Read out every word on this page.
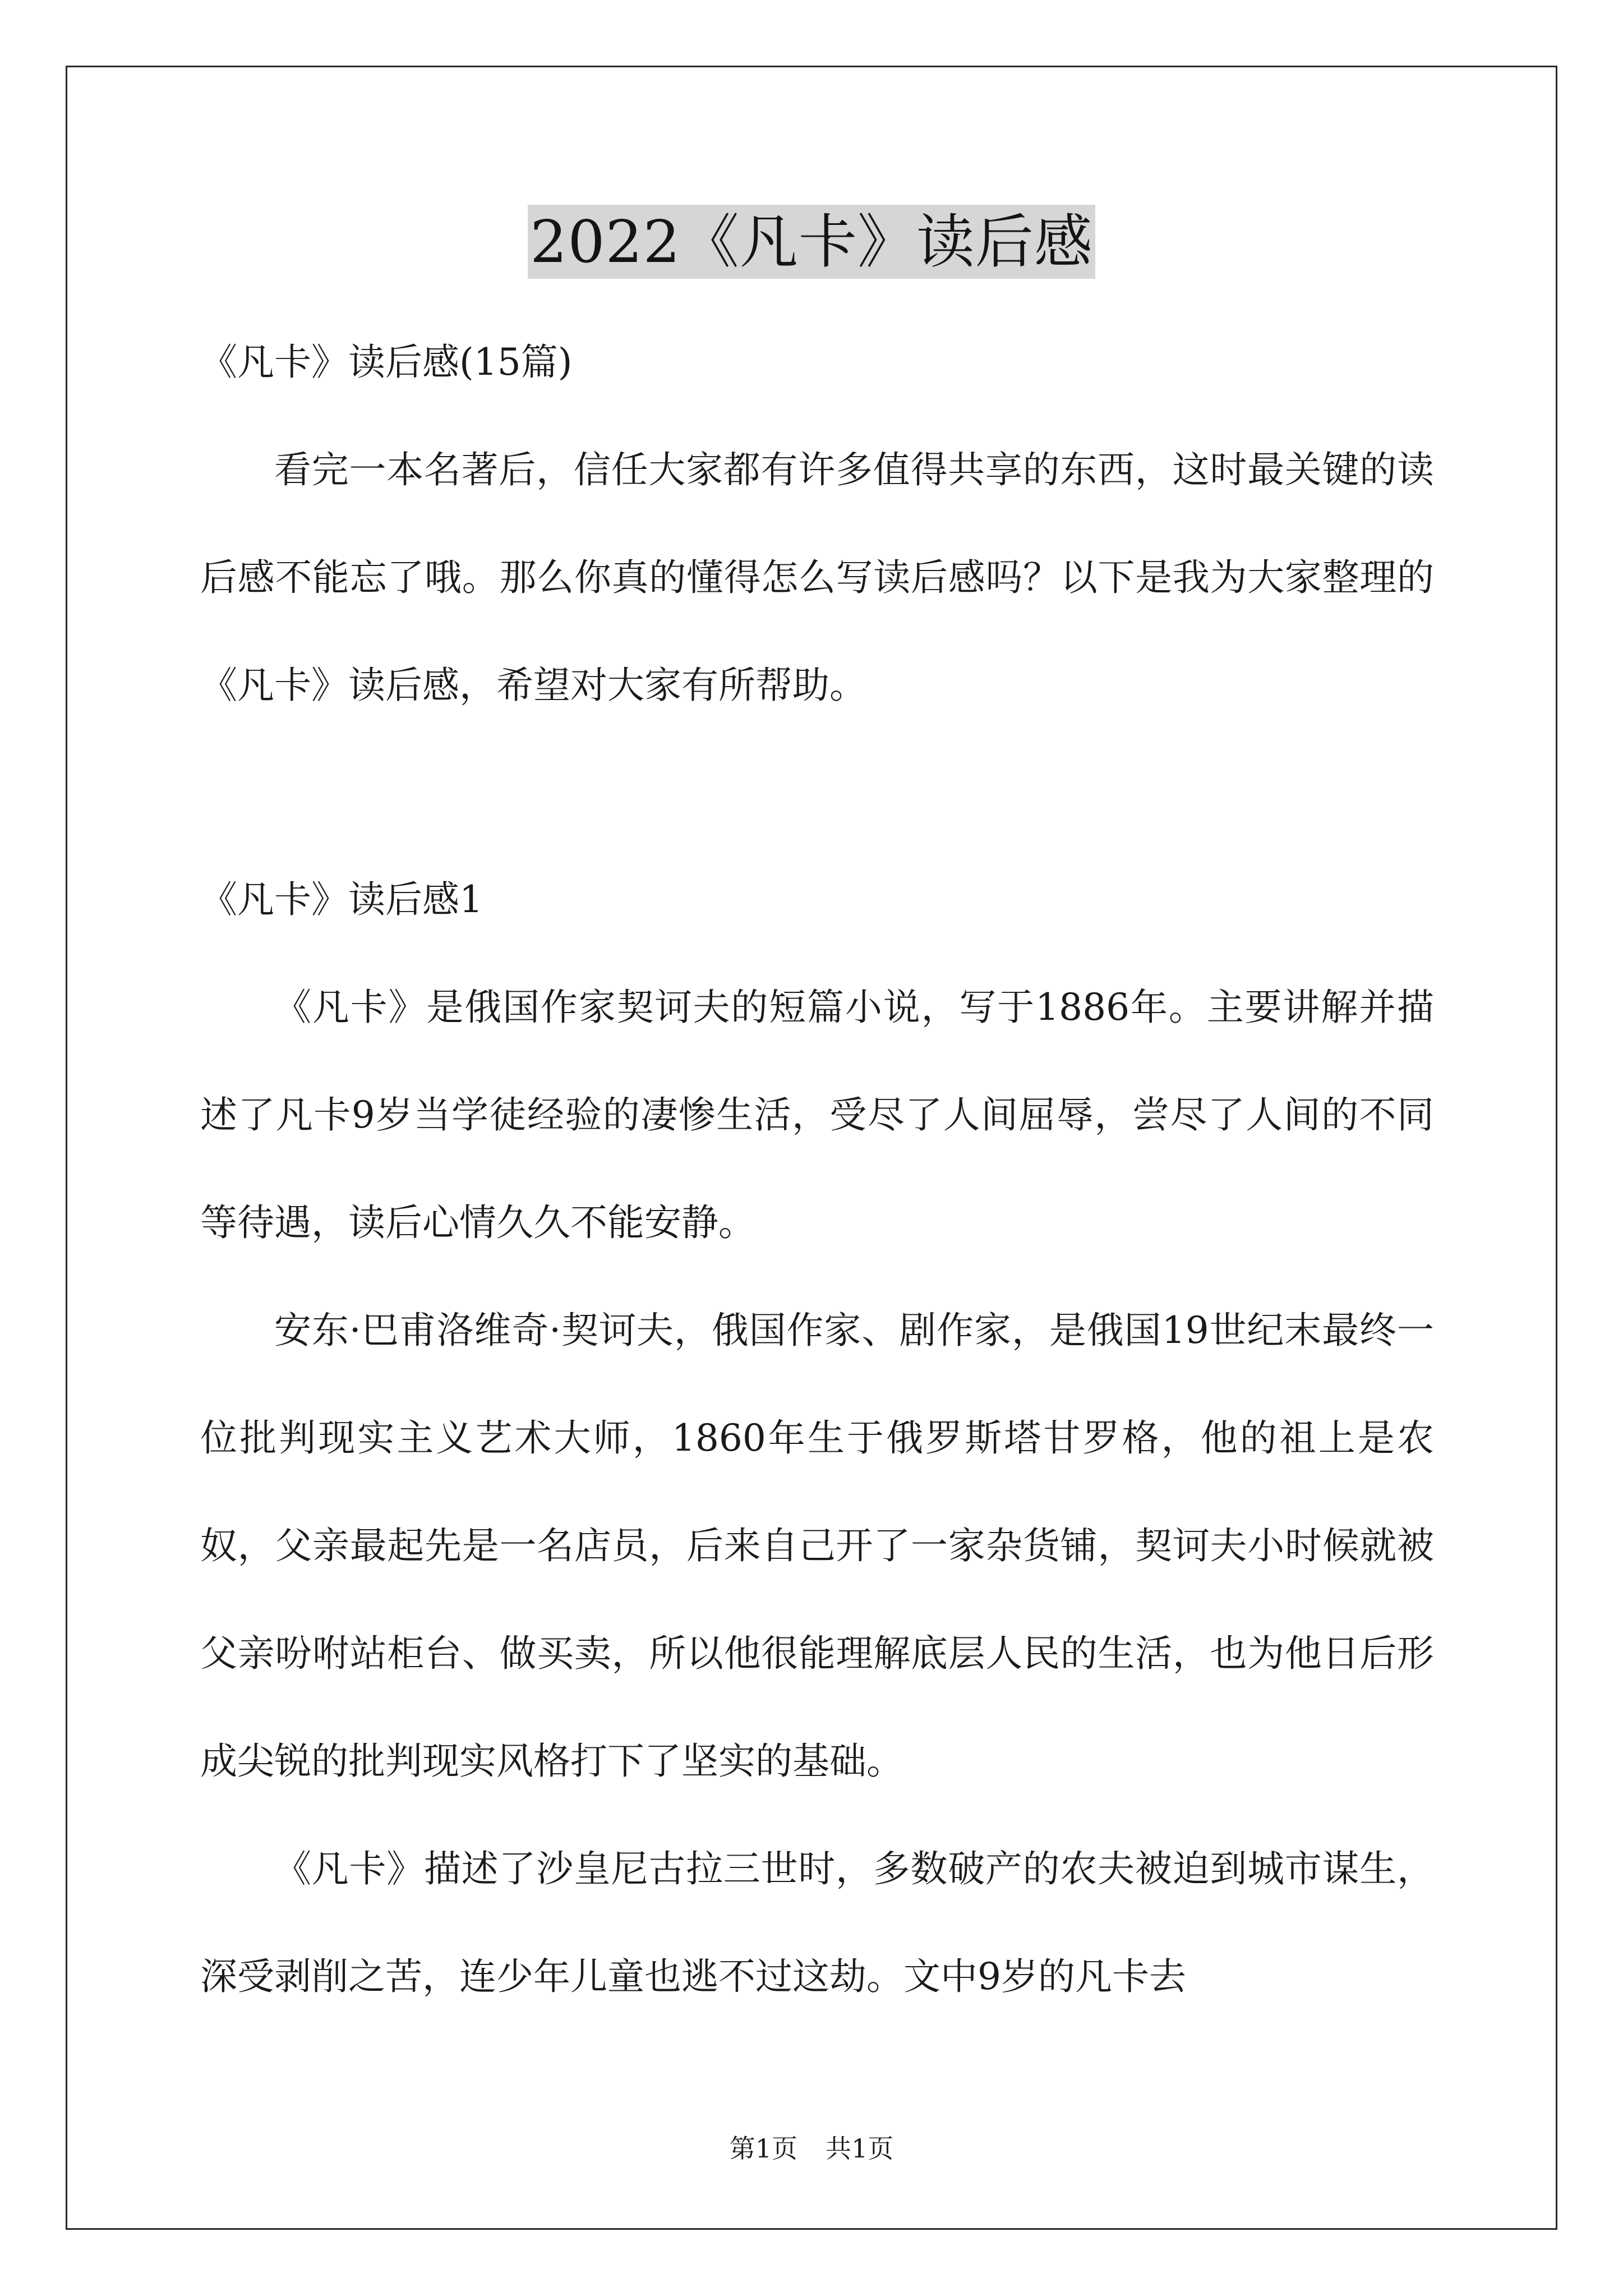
2022《凡卡》读后感

《凡卡》读后感(15篇)

看完一本名著后，信任大家都有许多值得共享的东西，这时最关键的读后感不能忘了哦。那么你真的懂得怎么写读后感吗？以下是我为大家整理的《凡卡》读后感，希望对大家有所帮助。

《凡卡》读后感1

《凡卡》是俄国作家契诃夫的短篇小说，写于1886年。主要讲解并描述了凡卡9岁当学徒经验的凄惨生活，受尽了人间屈辱，尝尽了人间的不同等待遇，读后心情久久不能安静。

安东·巴甫洛维奇·契诃夫，俄国作家、剧作家，是俄国19世纪末最终一位批判现实主义艺术大师，1860年生于俄罗斯塔甘罗格，他的祖上是农奴，父亲最起先是一名店员，后来自己开了一家杂货铺，契诃夫小时候就被父亲吩咐站柜台、做买卖，所以他很能理解底层人民的生活，也为他日后形成尖锐的批判现实风格打下了坚实的基础。

《凡卡》描述了沙皇尼古拉三世时，多数破产的农夫被迫到城市谋生，深受剥削之苦，连少年儿童也逃不过这劫。文中9岁的凡卡去

第1页 共1页
